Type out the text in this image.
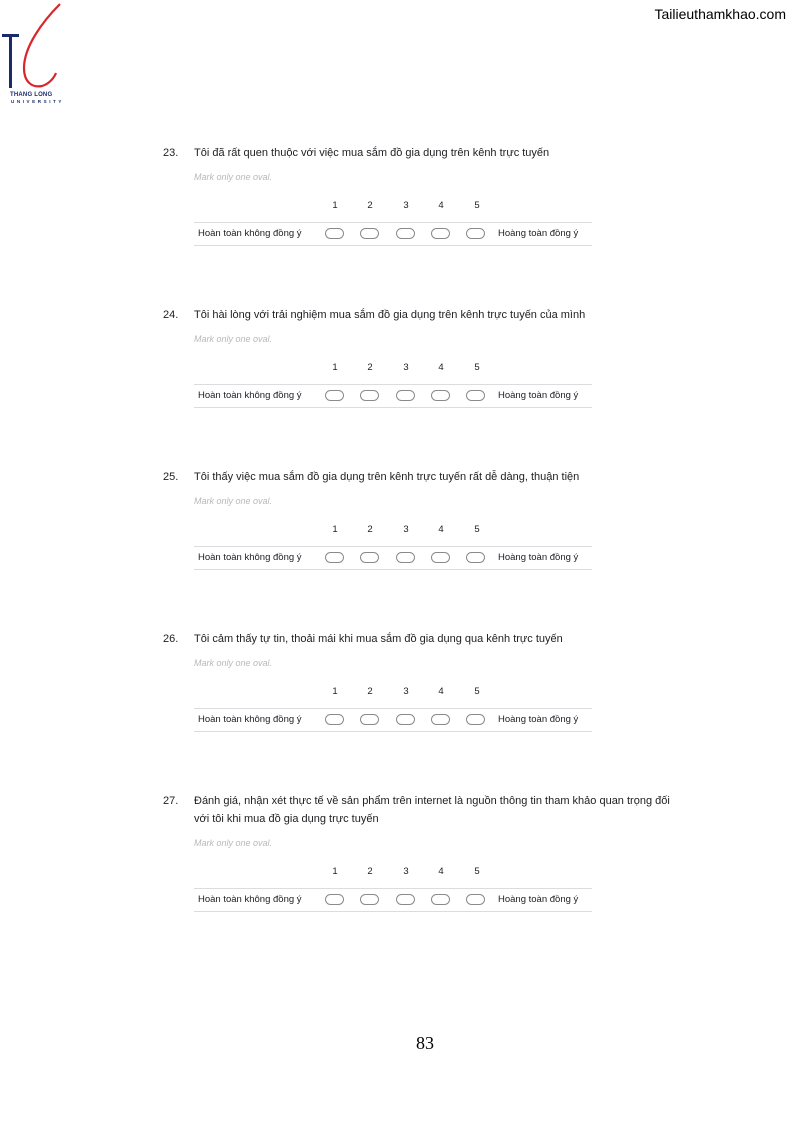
THANG LONG
UNIVERSITY
Tailieuthamkhao.com
23.	Tôi đã rất quen thuộc với việc mua sắm đồ gia dụng trên kênh trực tuyến
Mark only one oval.
1	2	3	4	5
Hoàn toàn không đồng ý	Hoàng toàn đồng ý
24.	Tôi hài lòng với trải nghiệm mua sắm đồ gia dụng trên kênh trực tuyến của mình
Mark only one oval.
1	2	3	4	5
Hoàn toàn không đồng ý	Hoàng toàn đồng ý
25.	Tôi thấy việc mua sắm đồ gia dụng trên kênh trực tuyến rất dễ dàng, thuận tiện
Mark only one oval.
1	2	3	4	5
Hoàn toàn không đồng ý	Hoàng toàn đồng ý
26.	Tôi cảm thấy tự tin, thoải mái khi mua sắm đồ gia dụng qua kênh trực tuyến
Mark only one oval.
1	2	3	4	5
Hoàn toàn không đồng ý	Hoàng toàn đồng ý
27.	Đánh giá, nhận xét thực tế về sản phẩm trên internet là nguồn thông tin tham khảo quan trọng đối với tôi khi mua đồ gia dụng trực tuyến
Mark only one oval.
1	2	3	4	5
Hoàn toàn không đồng ý	Hoàng toàn đồng ý
83
